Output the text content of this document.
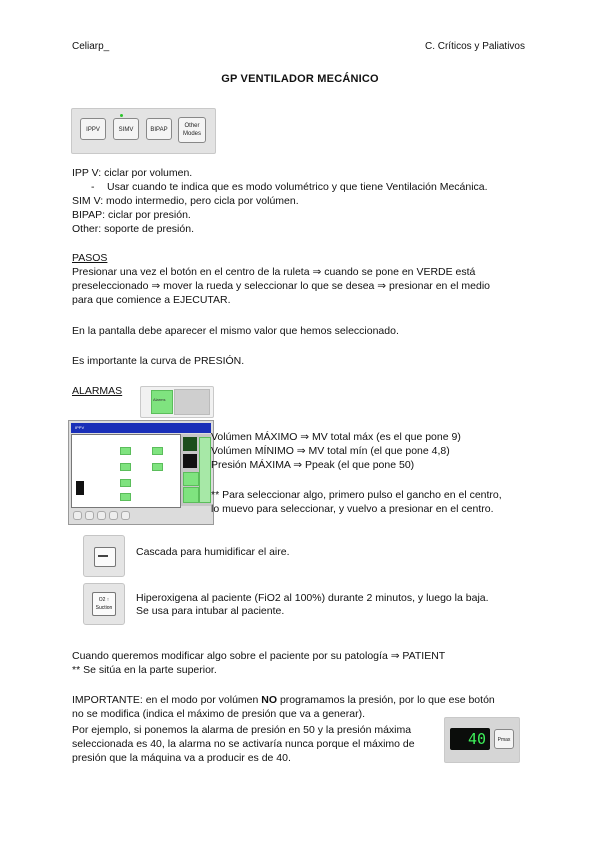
Celiarp_	C. Críticos y Paliativos
GP VENTILADOR MECÁNICO
IPPV	SIMV	BIPAP
Other Modes
IPP V: ciclar por volumen.
- Usar cuando te indica que es modo volumétrico y que tiene Ventilación Mecánica.
SIM V: modo intermedio, pero cicla por volúmen.
BIPAP: ciclar por presión.
Other: soporte de presión.
PASOS
Presionar una vez el botón en el centro de la ruleta ⇒ cuando se pone en VERDE está
preseleccionado ⇒ mover la rueda y seleccionar lo que se desea ⇒ presionar en el medio
para que comience a EJECUTAR.
En la pantalla debe aparecer el mismo valor que hemos seleccionado.
Es importante la curva de PRESIÓN.
ALARMAS
Alarms
IPPV
Volúmen MÁXIMO ⇒ MV total máx (es el que pone 9)
Volúmen MÍNIMO ⇒ MV total mín (el que pone 4,8)
Presión MÁXIMA ⇒ Ppeak (el que pone 50)
** Para seleccionar algo, primero pulso el gancho en el centro,
lo muevo para seleccionar, y vuelvo a presionar en el centro.
Cascada para humidificar el aire.
O2 ↑ Suction
Hiperoxigena al paciente (FiO2 al 100%) durante 2 minutos, y luego la baja.
Se usa para intubar al paciente.
Cuando queremos modificar algo sobre el paciente por su patología ⇒ PATIENT
** Se sitúa en la parte superior.
IMPORTANTE: en el modo por volúmen NO programamos la presión, por lo que ese botón
no se modifica (indica el máximo de presión que va a generar).
Por ejemplo, si ponemos la alarma de presión en 50 y la presión máxima
seleccionada es 40, la alarma no se activaría nunca porque el máximo de
presión que la máquina va a producir es de 40.
40	Pmax
